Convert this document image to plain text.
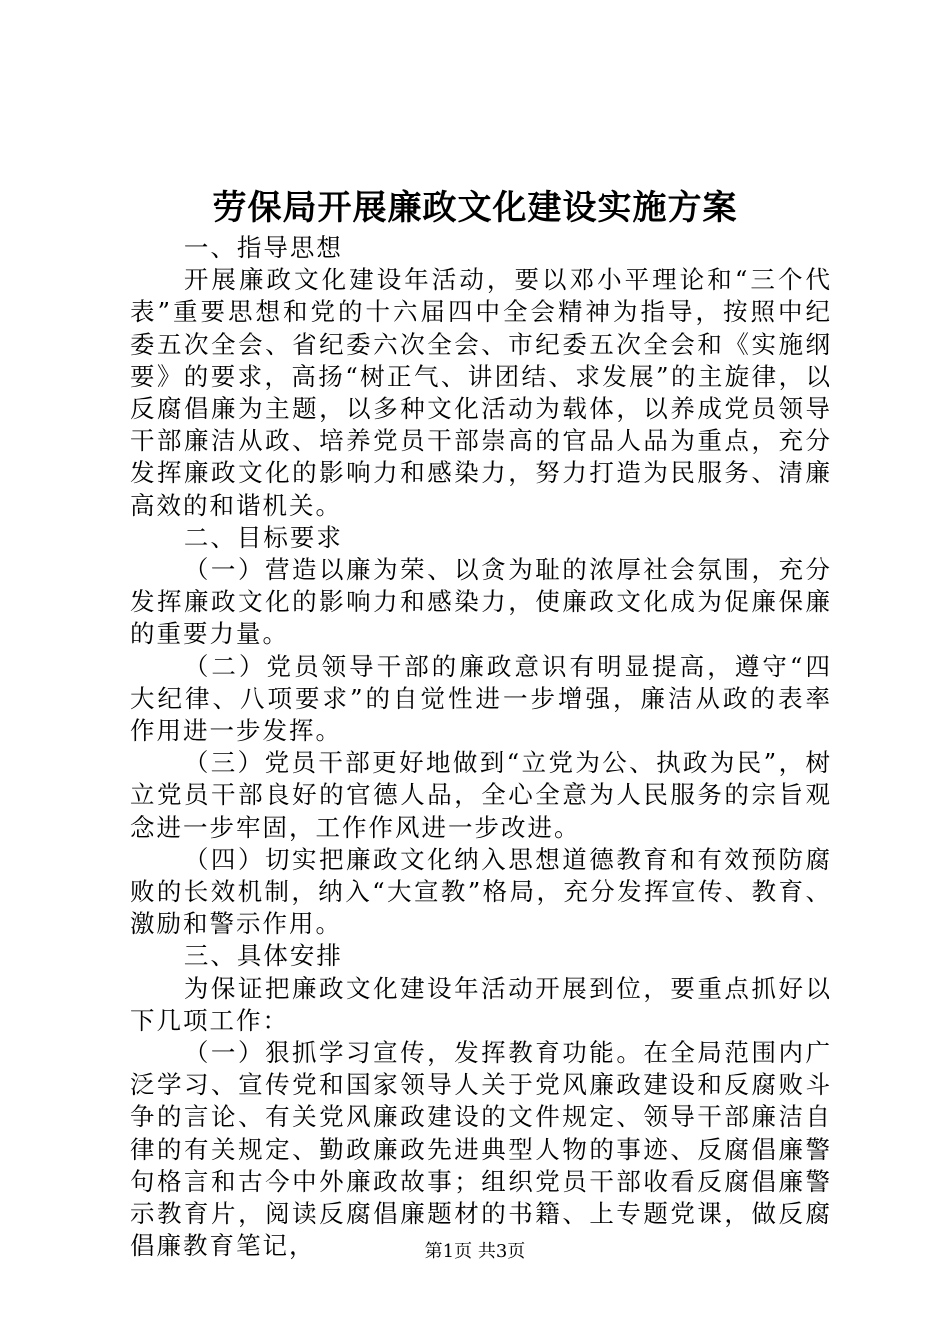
劳保局开展廉政文化建设实施方案

一、指导思想

开展廉政文化建设年活动，要以邓小平理论和“三个代表”重要思想和党的十六届四中全会精神为指导，按照中纪委五次全会、省纪委六次全会、市纪委五次全会和《实施纲要》的要求，高扬“树正气、讲团结、求发展”的主旋律，以反腐倡廉为主题，以多种文化活动为载体，以养成党员领导干部廉洁从政、培养党员干部崇高的官品人品为重点，充分发挥廉政文化的影响力和感染力，努力打造为民服务、清廉高效的和谐机关。

二、目标要求

（一）营造以廉为荣、以贪为耻的浓厚社会氛围，充分发挥廉政文化的影响力和感染力，使廉政文化成为促廉保廉的重要力量。

（二）党员领导干部的廉政意识有明显提高，遵守“四大纪律、八项要求”的自觉性进一步增强，廉洁从政的表率作用进一步发挥。

（三）党员干部更好地做到“立党为公、执政为民”，树立党员干部良好的官德人品，全心全意为人民服务的宗旨观念进一步牢固，工作作风进一步改进。

（四）切实把廉政文化纳入思想道德教育和有效预防腐败的长效机制，纳入“大宣教”格局，充分发挥宣传、教育、激励和警示作用。

三、具体安排

为保证把廉政文化建设年活动开展到位，要重点抓好以下几项工作：

（一）狠抓学习宣传，发挥教育功能。在全局范围内广泛学习、宣传党和国家领导人关于党风廉政建设和反腐败斗争的言论、有关党风廉政建设的文件规定、领导干部廉洁自律的有关规定、勤政廉政先进典型人物的事迹、反腐倡廉警句格言和古今中外廉政故事；组织党员干部收看反腐倡廉警示教育片，阅读反腐倡廉题材的书籍、上专题党课，做反腐倡廉教育笔记，	第1页 共3页
